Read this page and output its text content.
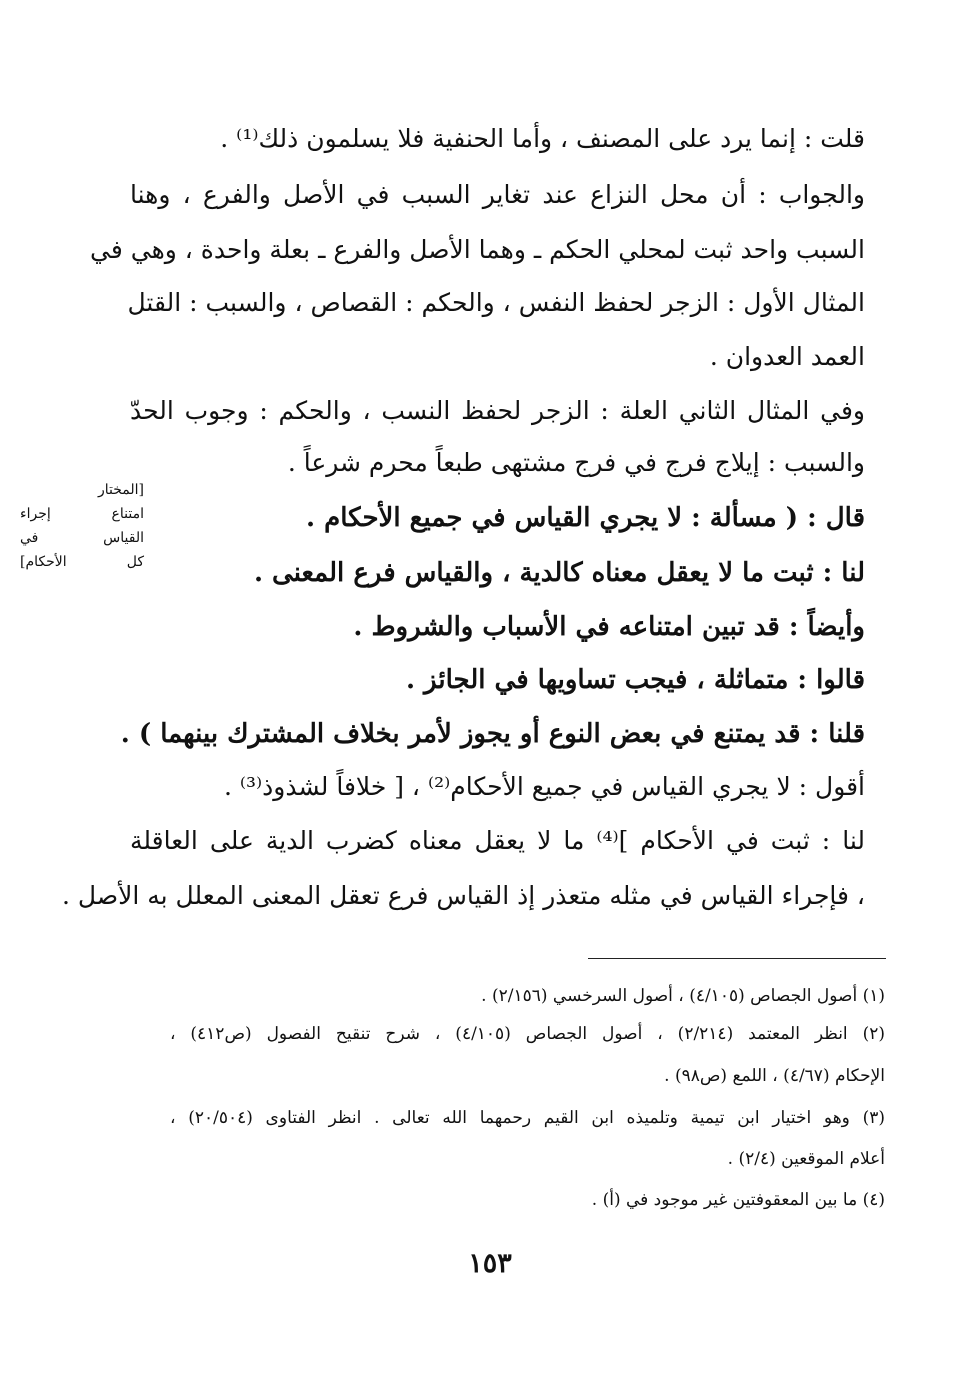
قلت : إنما يرد على المصنف ، وأما الحنفية فلا يسلمون ذلك⁽¹⁾ .
والجواب : أن محل النزاع عند تغاير السبب في الأصل والفرع ، وهنا
السبب واحد ثبت لمحلي الحكم ـ وهما الأصل والفرع ـ بعلة واحدة ، وهي في
المثال الأول : الزجر لحفظ النفس ، والحكم : القصاص ، والسبب : القتل
العمد العدوان .
وفي المثال الثاني العلة : الزجر لحفظ النسب ، والحكم : وجوب الحدّ
والسبب : إيلاج فرج في فرج مشتهى طبعاً محرم شرعاً .
قال : ( مسألة : لا يجري القياس في جميع الأحكام .
لنا : ثبت ما لا يعقل معناه كالدية ، والقياس فرع المعنى .
وأيضاً : قد تبين امتناعه في الأسباب والشروط .
قالوا : متماثلة ، فيجب تساويها في الجائز .
قلنا : قد يمتنع في بعض النوع أو يجوز لأمر بخلاف المشترك بينهما ) .
أقول : لا يجري القياس في جميع الأحكام⁽²⁾ ، [ خلافاً لشذوذ⁽³⁾ .
لنا : ثبت في الأحكام ]⁽⁴⁾ ما لا يعقل معناه كضرب الدية على العاقلة
، فإجراء القياس في مثله متعذر إذ القياس فرع تعقل المعنى المعلل به الأصل .
[المختار
امتناع إجراء
القياس في
كل الأحكام]
(١) أصول الجصاص (٤/١٠٥) ، أصول السرخسي (٢/١٥٦) .
(٢) انظر المعتمد (٢/٢١٤) ، أصول الجصاص (٤/١٠٥) ، شرح تنقيح الفصول (ص٤١٢) ،
الإحكام (٤/٦٧) ، اللمع (ص٩٨) .
(٣) وهو اختيار ابن تيمية وتلميذه ابن القيم رحمهما الله تعالى . انظر الفتاوى (٢٠/٥٠٤) ،
أعلام الموقعين (٢/٤) .
(٤) ما بين المعقوفتين غير موجود في (أ) .
١٥٣
